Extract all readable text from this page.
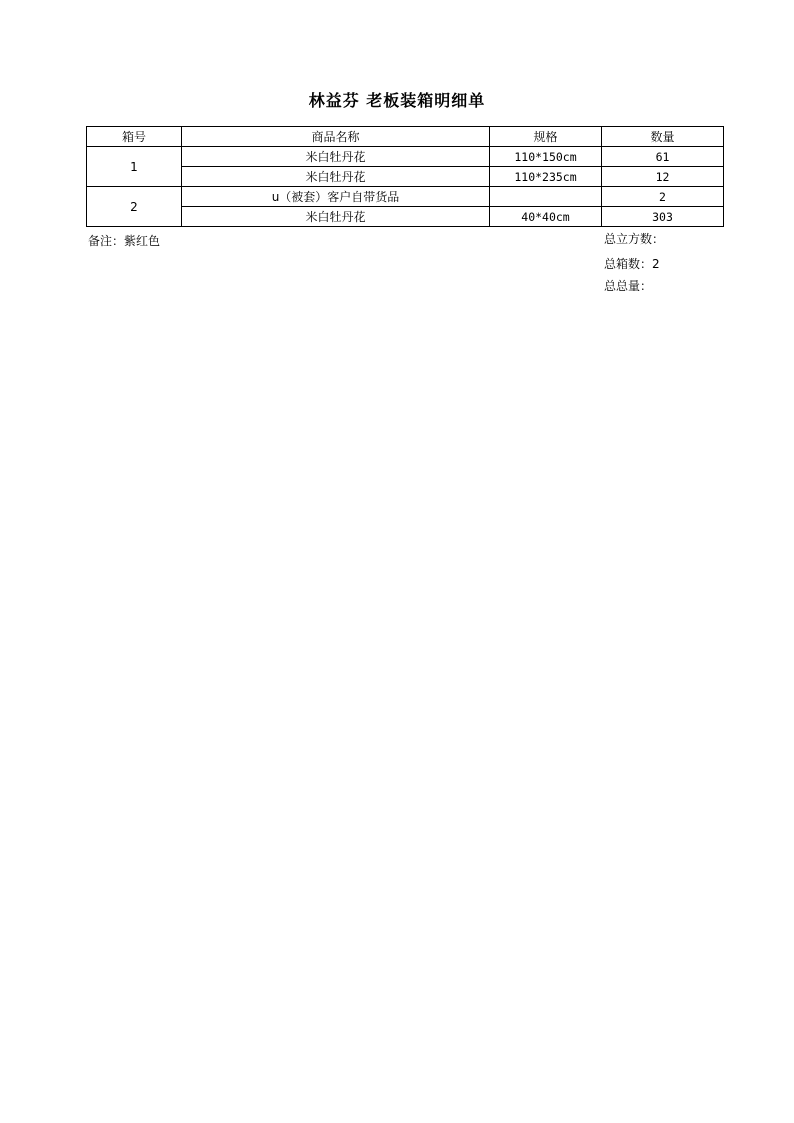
林益芬 老板装箱明细单
箱号	商品名称	规格	数量
1	米白牡丹花	110*150cm	61
	米白牡丹花	110*235cm	12
2	u（被套）客户自带货品		2
	米白牡丹花	40*40cm	303
备注：紫红色	总立方数：
总箱数：2
总总量：
